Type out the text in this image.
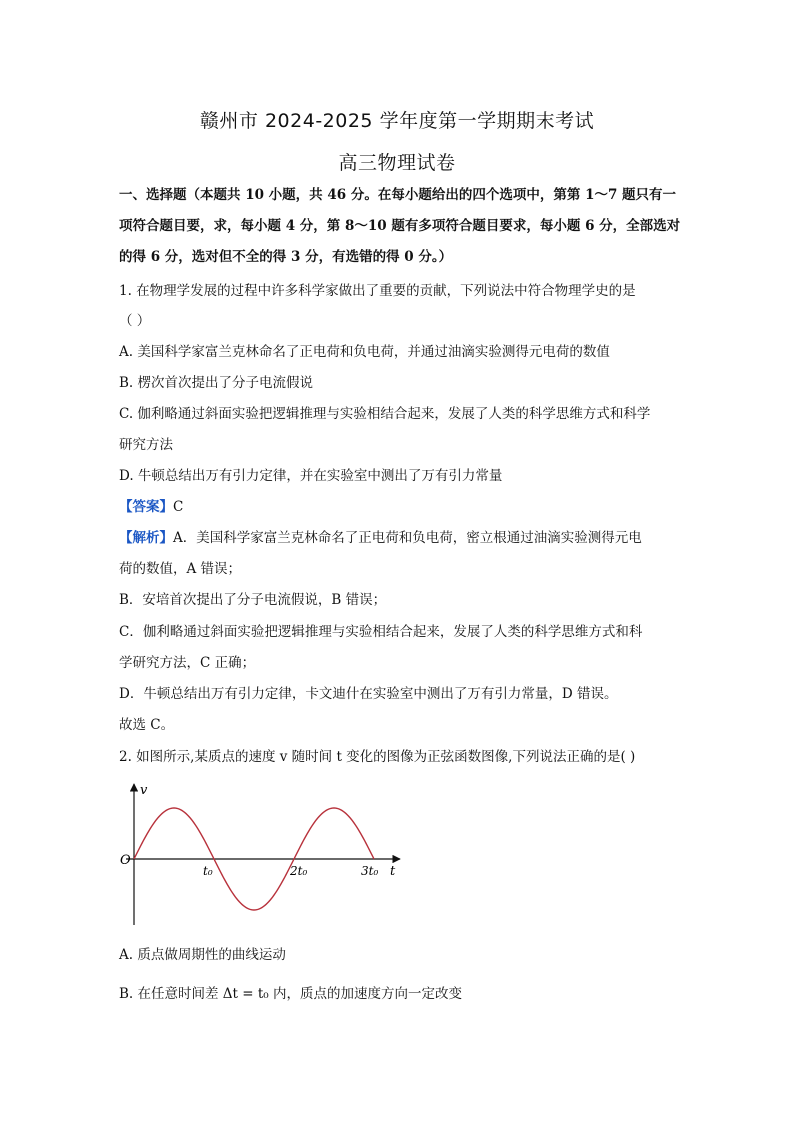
赣州市 2024-2025 学年度第一学期期末考试
高三物理试卷
一、选择题（本题共 10 小题，共 46 分。在每小题给出的四个选项中，第第 1～7 题只有一
项符合题目要，求，每小题 4 分，第 8～10 题有多项符合题目要求，每小题 6 分，全部选对
的得 6 分，选对但不全的得 3 分，有选错的得 0 分。）
1. 在物理学发展的过程中许多科学家做出了重要的贡献，下列说法中符合物理学史的是
（ ）
A. 美国科学家富兰克林命名了正电荷和负电荷，并通过油滴实验测得元电荷的数值
B. 楞次首次提出了分子电流假说
C. 伽利略通过斜面实验把逻辑推理与实验相结合起来，发展了人类的科学思维方式和科学
研究方法
D. 牛顿总结出万有引力定律，并在实验室中测出了万有引力常量
【答案】C
【解析】A．美国科学家富兰克林命名了正电荷和负电荷，密立根通过油滴实验测得元电
荷的数值，A 错误；
B．安培首次提出了分子电流假说，B 错误；
C．伽利略通过斜面实验把逻辑推理与实验相结合起来，发展了人类的科学思维方式和科
学研究方法，C 正确；
D．牛顿总结出万有引力定律，卡文迪什在实验室中测出了万有引力常量，D 错误。
故选 C。
2. 如图所示,某质点的速度 v 随时间 t 变化的图像为正弦函数图像,下列说法正确的是( )
v
t
O
t₀	2t₀	3t₀
A. 质点做周期性的曲线运动
B. 在任意时间差 Δt = t₀ 内，质点的加速度方向一定改变
